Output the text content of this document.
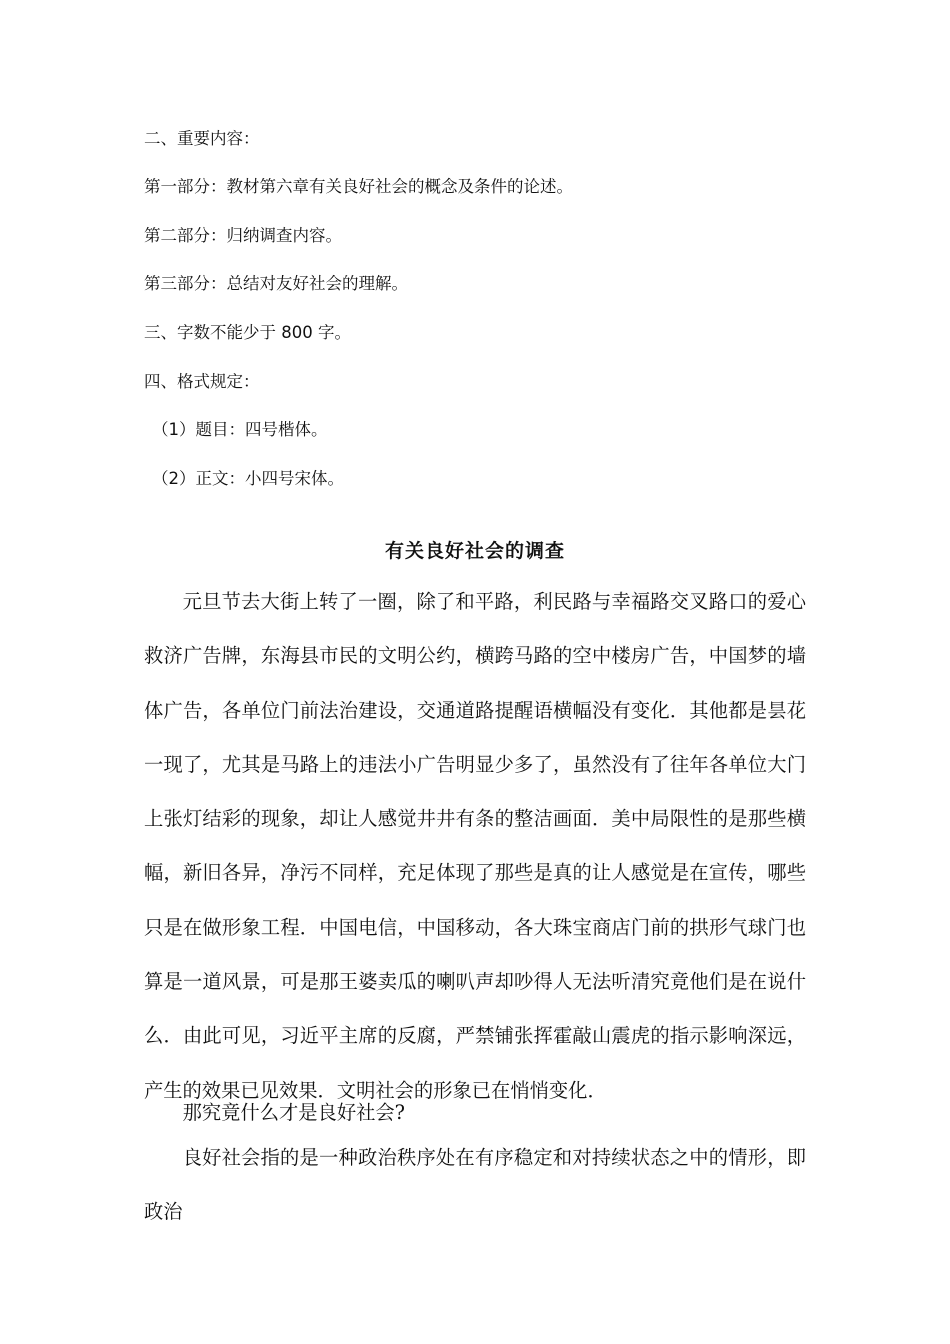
二、重要内容：

第一部分：教材第六章有关良好社会的概念及条件的论述。

第二部分：归纳调查内容。

第三部分：总结对友好社会的理解。

三、字数不能少于 800 字。

四、格式规定：

（1）题目：四号楷体。

（2）正文：小四号宋体。

有关良好社会的调查

元旦节去大街上转了一圈，除了和平路，利民路与幸福路交叉路口的爱心救济广告牌，东海县市民的文明公约，横跨马路的空中楼房广告，中国梦的墙体广告，各单位门前法治建设，交通道路提醒语横幅没有变化．其他都是昙花一现了，尤其是马路上的违法小广告明显少多了，虽然没有了往年各单位大门上张灯结彩的现象，却让人感觉井井有条的整洁画面．美中局限性的是那些横幅，新旧各异，净污不同样，充足体现了那些是真的让人感觉是在宣传，哪些只是在做形象工程．中国电信，中国移动，各大珠宝商店门前的拱形气球门也算是一道风景，可是那王婆卖瓜的喇叭声却吵得人无法听清究竟他们是在说什么．由此可见，习近平主席的反腐，严禁铺张挥霍敲山震虎的指示影响深远，产生的效果已见效果．文明社会的形象已在悄悄变化．

那究竟什么才是良好社会?

良好社会指的是一种政治秩序处在有序稳定和对持续状态之中的情形，即政治
